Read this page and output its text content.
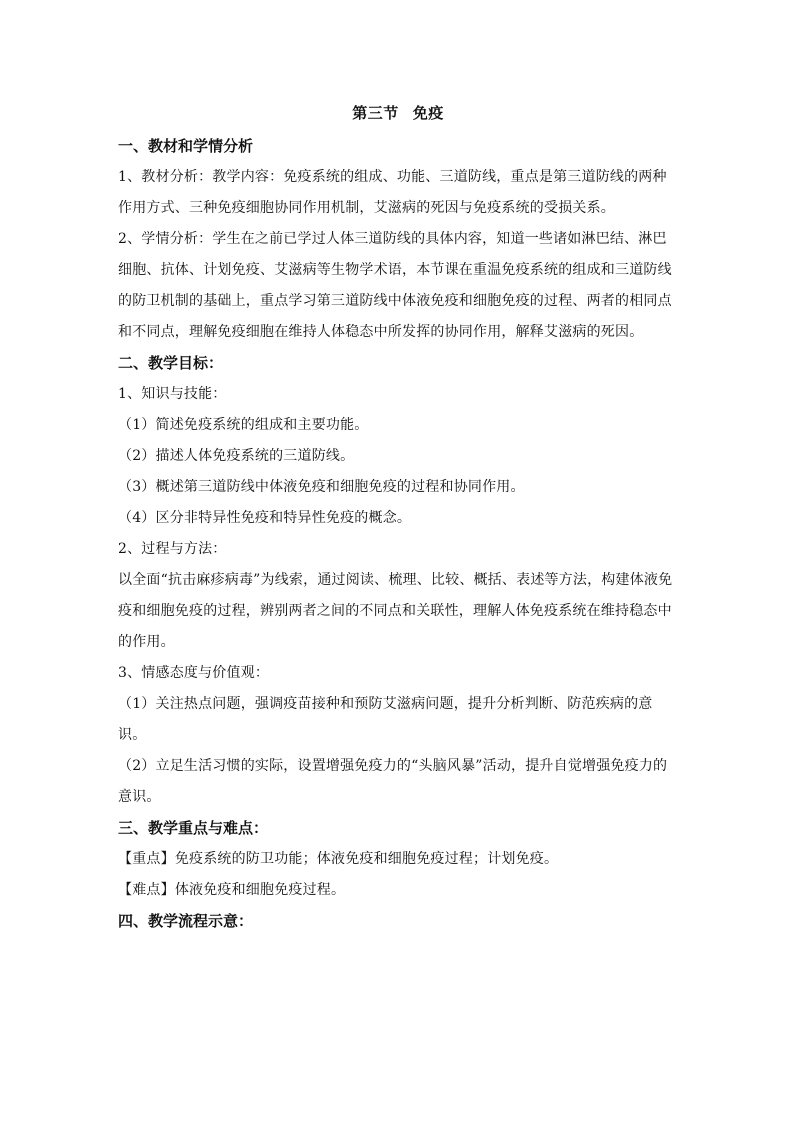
第三节 免疫
一、教材和学情分析
1、教材分析：教学内容：免疫系统的组成、功能、三道防线，重点是第三道防线的两种作用方式、三种免疫细胞协同作用机制，艾滋病的死因与免疫系统的受损关系。
2、学情分析：学生在之前已学过人体三道防线的具体内容，知道一些诸如淋巴结、淋巴细胞、抗体、计划免疫、艾滋病等生物学术语，本节课在重温免疫系统的组成和三道防线的防卫机制的基础上，重点学习第三道防线中体液免疫和细胞免疫的过程、两者的相同点和不同点，理解免疫细胞在维持人体稳态中所发挥的协同作用，解释艾滋病的死因。
二、教学目标：
1、知识与技能：
（1）简述免疫系统的组成和主要功能。
（2）描述人体免疫系统的三道防线。
（3）概述第三道防线中体液免疫和细胞免疫的过程和协同作用。
（4）区分非特异性免疫和特异性免疫的概念。
2、过程与方法：
以全面“抗击麻疹病毒”为线索，通过阅读、梳理、比较、概括、表述等方法，构建体液免疫和细胞免疫的过程，辨别两者之间的不同点和关联性，理解人体免疫系统在维持稳态中的作用。
3、情感态度与价值观：
（1）关注热点问题，强调疫苗接种和预防艾滋病问题，提升分析判断、防范疾病的意识。
（2）立足生活习惯的实际，设置增强免疫力的“头脑风暴”活动，提升自觉增强免疫力的意识。
三、教学重点与难点：
【重点】免疫系统的防卫功能；体液免疫和细胞免疫过程；计划免疫。
【难点】体液免疫和细胞免疫过程。
四、教学流程示意：
